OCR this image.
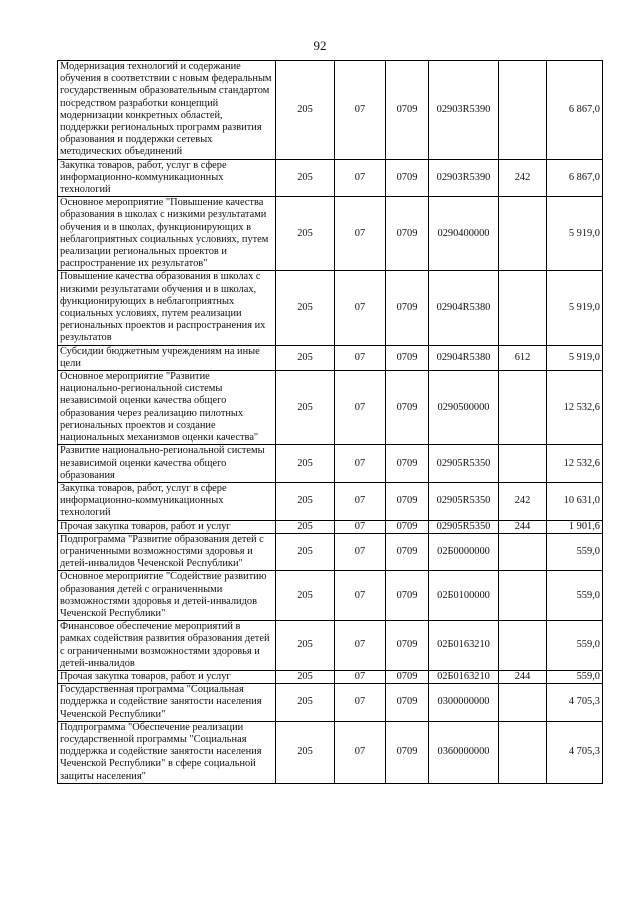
92
Модернизация технологий и содержание обучения в соответствии с новым федеральным государственным образовательным стандартом посредством разработки концепций модернизации конкретных областей, поддержки региональных программ развития образования и поддержки сетевых методических объединений	205	07	0709	02903R5390		6 867,0
Закупка товаров, работ, услуг в сфере информационно-коммуникационных технологий	205	07	0709	02903R5390	242	6 867,0
Основное мероприятие "Повышение качества образования в школах с низкими результатами обучения и в школах, функционирующих в неблагоприятных социальных условиях, путем реализации региональных проектов и распространение их результатов"	205	07	0709	0290400000		5 919,0
Повышение качества образования в школах с низкими результатами обучения и в школах, функционирующих в неблагоприятных социальных условиях, путем реализации региональных проектов и распространения их результатов	205	07	0709	02904R5380		5 919,0
Субсидии бюджетным учреждениям на иные цели	205	07	0709	02904R5380	612	5 919,0
Основное мероприятие "Развитие национально-региональной системы независимой оценки качества общего образования через реализацию пилотных региональных проектов и создание национальных механизмов оценки качества"	205	07	0709	0290500000		12 532,6
Развитие национально-региональной системы независимой оценки качества общего образования	205	07	0709	02905R5350		12 532,6
Закупка товаров, работ, услуг в сфере информационно-коммуникационных технологий	205	07	0709	02905R5350	242	10 631,0
Прочая закупка товаров, работ и услуг	205	07	0709	02905R5350	244	1 901,6
Подпрограмма "Развитие образования детей с ограниченными возможностями здоровья и детей-инвалидов Чеченской Республики"	205	07	0709	02Б0000000		559,0
Основное мероприятие "Содействие развитию образования детей с ограниченными возможностями здоровья и детей-инвалидов Чеченской Республики"	205	07	0709	02Б0100000		559,0
Финансовое обеспечение мероприятий в рамках содействия развития образования детей с ограниченными возможностями здоровья и детей-инвалидов	205	07	0709	02Б0163210		559,0
Прочая закупка товаров, работ и услуг	205	07	0709	02Б0163210	244	559,0
Государственная программа "Социальная поддержка и содействие занятости населения Чеченской Республики"	205	07	0709	0300000000		4 705,3
Подпрограмма "Обеспечение реализации государственной программы "Социальная поддержка и содействие занятости населения Чеченской Республики" в сфере социальной защиты населения"	205	07	0709	0360000000		4 705,3
